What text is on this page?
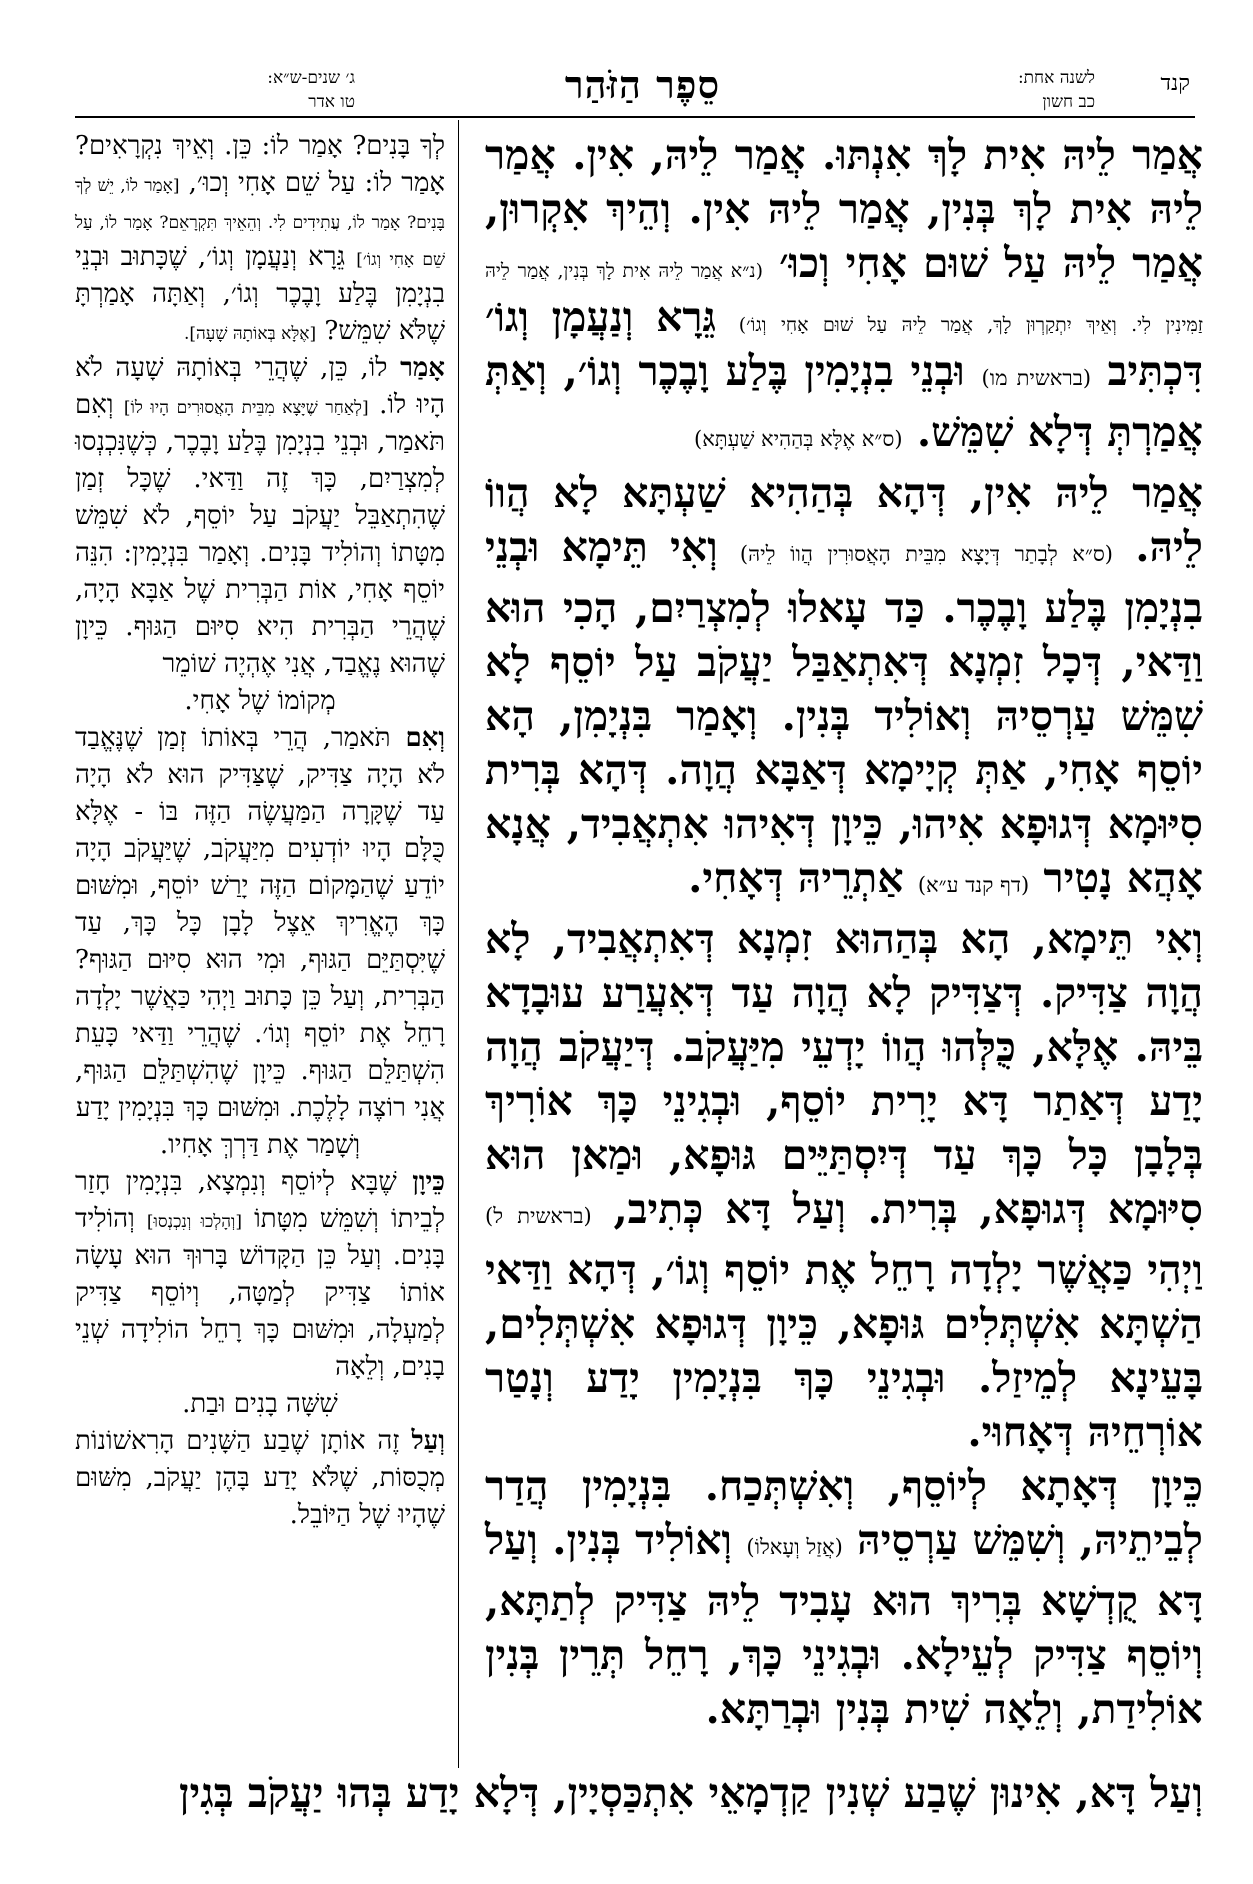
קנד
לשנה אחת:
כב חשון
סֵפֶר הַזֹּהַר
ג׳ שנים-ש״א:
טו אדר

אֲמַר לֵיהּ אִית לָךְ אִנְתּוּ. אֲמַר לֵיהּ, אִין. אֲמַר לֵיהּ אִית לָךְ בְּנִין, אֲמַר לֵיהּ אִין. וְהֵיךְ אִקְרוּן, אֲמַר לֵיהּ עַל שׁוּם אָחִי וְכוּ׳ (נ״א אֲמַר לֵיהּ אִית לָךְ בְּנִין, אֲמַר לֵיהּ זַמִּינִין לִי. וְאֵיךְ יִתְקַרְוּן לָךְ, אֲמַר לֵיהּ עַל שׁוּם אָחִי וְגוֹ׳) גֵּרָא וְנַעֲמָן וְגוֹ׳ דִּכְתִּיב (בראשית מו) וּבְנֵי בִנְיָמִין בֶּלַע וָבֶכֶר וְגוֹ׳, וְאַתְּ אֲמַרְתְּ דְּלָא שִׁמֵּשׁ. (ס״א אֶלָּא בְּהַהִיא שַׁעְתָּא)

אֲמַר לֵיהּ אִין, דְּהָא בְּהַהִיא שַׁעְתָּא לָא הֲווֹ לֵיהּ. (ס״א לְבָתַר דְּיָצָא מִבֵּית הָאֲסוּרִין הֲווֹ לֵיהּ) וְאִי תֵּימָא וּבְנֵי בִנְיָמִן בֶּלַע וָבֶכֶר. כַּד עָאלוּ לְמִצְרַיִם, הָכִי הוּא וַדַּאי, דְּכָל זִמְנָא דְּאִתְאַבַּל יַעֲקֹב עַל יוֹסֵף לָא שִׁמֵּשׁ עַרְסֵיהּ וְאוֹלִיד בְּנִין. וְאָמַר בִּנְיָמִן, הָא יוֹסֵף אָחִי, אַתְּ קְיָימָא דְּאַבָּא הֲוָה. דְּהָא בְּרִית סִיּוּמָא דְּגוּפָא אִיהוּ, כֵּיוָן דְּאִיהוּ אִתְאֲבִיד, אֲנָא אָהֲא נָטִיר (דף קנד ע״א) אַתְרֵיהּ דְּאָחִי.

וְאִי תֵּימָא, הָא בְּהַהוּא זִמְנָא דְּאִתְאֲבִיד, לָא הֲוָה צַדִּיק. דְּצַדִּיק לָא הֲוָה עַד דְּאִעֲרַע עוּבָדָא בֵּיהּ. אֶלָּא, כֻּלְּהוּ הֲווֹ יָדְעֵי מִיַּעֲקֹב. דְּיַעֲקֹב הֲוָה יָדַע דְּאַתַר דָּא יָרִית יוֹסֵף, וּבְגִינֵי כָּךְ אוֹרִיךְ בְּלָבָן כָּל כָּךְ עַד דְּיִסְתַּיֵּים גּוּפָא, וּמַאן הוּא סִיּוּמָא דְּגוּפָא, בְּרִית. וְעַל דָּא כְּתִיב, (בראשית ל) וַיְהִי כַּאֲשֶׁר יָלְדָה רָחֵל אֶת יוֹסֵף וְגוֹ׳, דְּהָא וַדַּאי הַשְׁתָּא אִשְׁתְּלִים גּוּפָא, כֵּיוָן דְּגוּפָא אִשְׁתְּלִים, בָּעֵינָא לְמֵיזַל. וּבְגִינֵי כָּךְ בִּנְיָמִין יָדַע וְנָטַר אוֹרְחֵיהּ דְּאָחוּי.

כֵּיוָן דְּאָתָא לְיוֹסֵף, וְאִשְׁתְּכַח. בִּנְיָמִין הֲדַר לְבֵיתֵיהּ, וְשִׁמֵּשׁ עַרְסֵיהּ (אֲזַל וְעָאלוֹ) וְאוֹלִיד בְּנִין. וְעַל דָּא קֻדְשָׁא בְּרִיךְ הוּא עָבִיד לֵיהּ צַדִּיק לְתַתָּא, וְיוֹסֵף צַדִּיק לְעֵילָא. וּבְגִינֵי כָּךְ, רָחֵל תְּרֵין בְּנִין אוֹלִידַת, וְלֵאָה שִׁית בְּנִין וּבְרַתָּא.

לְךָ בָּנִים? אָמַר לוֹ: כֵּן. וְאֵיךְ נִקְרָאִים? אָמַר לוֹ: עַל שֵׁם אָחִי וְכוּ׳, [אָמַר לוֹ, יֵשׁ לְךָ בָּנִים? אָמַר לוֹ, עֲתִידִים לִי. וְהֵאֵיךְ תִּקְרָאֵם? אָמַר לוֹ, עַל שֵׁם אָחִי וְגוֹ׳] גֵּרָא וְנַעֲמָן וְגוֹ׳, שֶׁכָּתוּב וּבְנֵי בִנְיָמִן בֶּלַע וָבֶכֶר וְגוֹ׳, וְאַתָּה אָמַרְתָּ שֶׁלֹּא שִׁמֵּשׁ? [אֶלָּא בְּאוֹתָהּ שָׁעָה].

אָמַר לוֹ, כֵּן, שֶׁהֲרֵי בְּאוֹתָהּ שָׁעָה לֹא הָיוּ לוֹ. [לְאַחַר שֶׁיָּצָא מִבֵּית הָאֲסוּרִים הָיוּ לוֹ] וְאִם תֹּאמַר, וּבְנֵי בִנְיָמִן בֶּלַע וָבֶכֶר, כְּשֶׁנִּכְנְסוּ לְמִצְרַיִם, כָּךְ זֶה וַדַּאי. שֶׁכָּל זְמַן שֶׁהִתְאַבֵּל יַעֲקֹב עַל יוֹסֵף, לֹא שִׁמֵּשׁ מִטָּתוֹ וְהוֹלִיד בָּנִים. וְאָמַר בִּנְיָמִין: הִנֵּה יוֹסֵף אָחִי, אוֹת הַבְּרִית שֶׁל אַבָּא הָיָה, שֶׁהֲרֵי הַבְּרִית הִיא סִיּוּם הַגּוּף. כֵּיוָן שֶׁהוּא נֶאֱבַד, אֲנִי אֶהְיֶה שׁוֹמֵר

מְקוֹמוֹ שֶׁל אָחִי.

וְאִם תֹּאמַר, הֲרֵי בְּאוֹתוֹ זְמַן שֶׁנֶּאֱבַד לֹא הָיָה צַדִּיק, שֶׁצַּדִּיק הוּא לֹא הָיָה עַד שֶׁקָּרָה הַמַּעֲשֶׂה הַזֶּה בּוֹ - אֶלָּא כֻּלָּם הָיוּ יוֹדְעִים מִיַּעֲקֹב, שֶׁיַּעֲקֹב הָיָה יוֹדֵעַ שֶׁהַמָּקוֹם הַזֶּה יָרַשׁ יוֹסֵף, וּמִשּׁוּם כָּךְ הֶאֱרִיךְ אֵצֶל לָבָן כָּל כָּךְ, עַד שֶׁיִּסְתַּיֵּם הַגּוּף, וּמִי הוּא סִיּוּם הַגּוּף? הַבְּרִית, וְעַל כֵּן כָּתוּב וַיְהִי כַּאֲשֶׁר יָלְדָה רָחֵל אֶת יוֹסֵף וְגוֹ׳. שֶׁהֲרֵי וַדַּאי כָּעֵת הִשְׁתַּלֵּם הַגּוּף. כֵּיוָן שֶׁהִשְׁתַּלֵּם הַגּוּף, אֲנִי רוֹצֶה לָלֶכֶת. וּמִשּׁוּם כָּךְ בִּנְיָמִין יָדַע

וְשָׁמַר אֶת דַּרְךְּ אָחִיו.

כֵּיוָן שֶׁבָּא לְיוֹסֵף וְנִמְצָא, בִּנְיָמִין חָזַר לְבֵיתוֹ וְשִׁמֵּשׁ מִטָּתוֹ [וְהָלְכוּ וְנִכְנְסוּ] וְהוֹלִיד בָּנִים. וְעַל כֵּן הַקָּדוֹשׁ בָּרוּךְ הוּא עָשָׂה אוֹתוֹ צַדִּיק לְמַטָּה, וְיוֹסֵף צַדִּיק לְמַעְלָה, וּמִשּׁוּם כָּךְ רָחֵל הוֹלִידָה שְׁנֵי בָנִים, וְלֵאָה

שִׁשָּׁה בָנִים וּבַת.

וְעַל זֶה אוֹתָן שֶׁבַע הַשָּׁנִים הָרִאשׁוֹנוֹת מְכֻסּוֹת, שֶׁלֹּא יָדַע בָּהֶן יַעֲקֹב, מִשּׁוּם שֶׁהָיוּ שֶׁל הַיּוֹבֵל.

וְעַל דָּא, אִינוּן שֶׁבַע שְׁנִין קַדְמָאֵי אִתְכַּסְיָין, דְּלָא יָדַע בְּהוּ יַעֲקֹב בְּגִין
